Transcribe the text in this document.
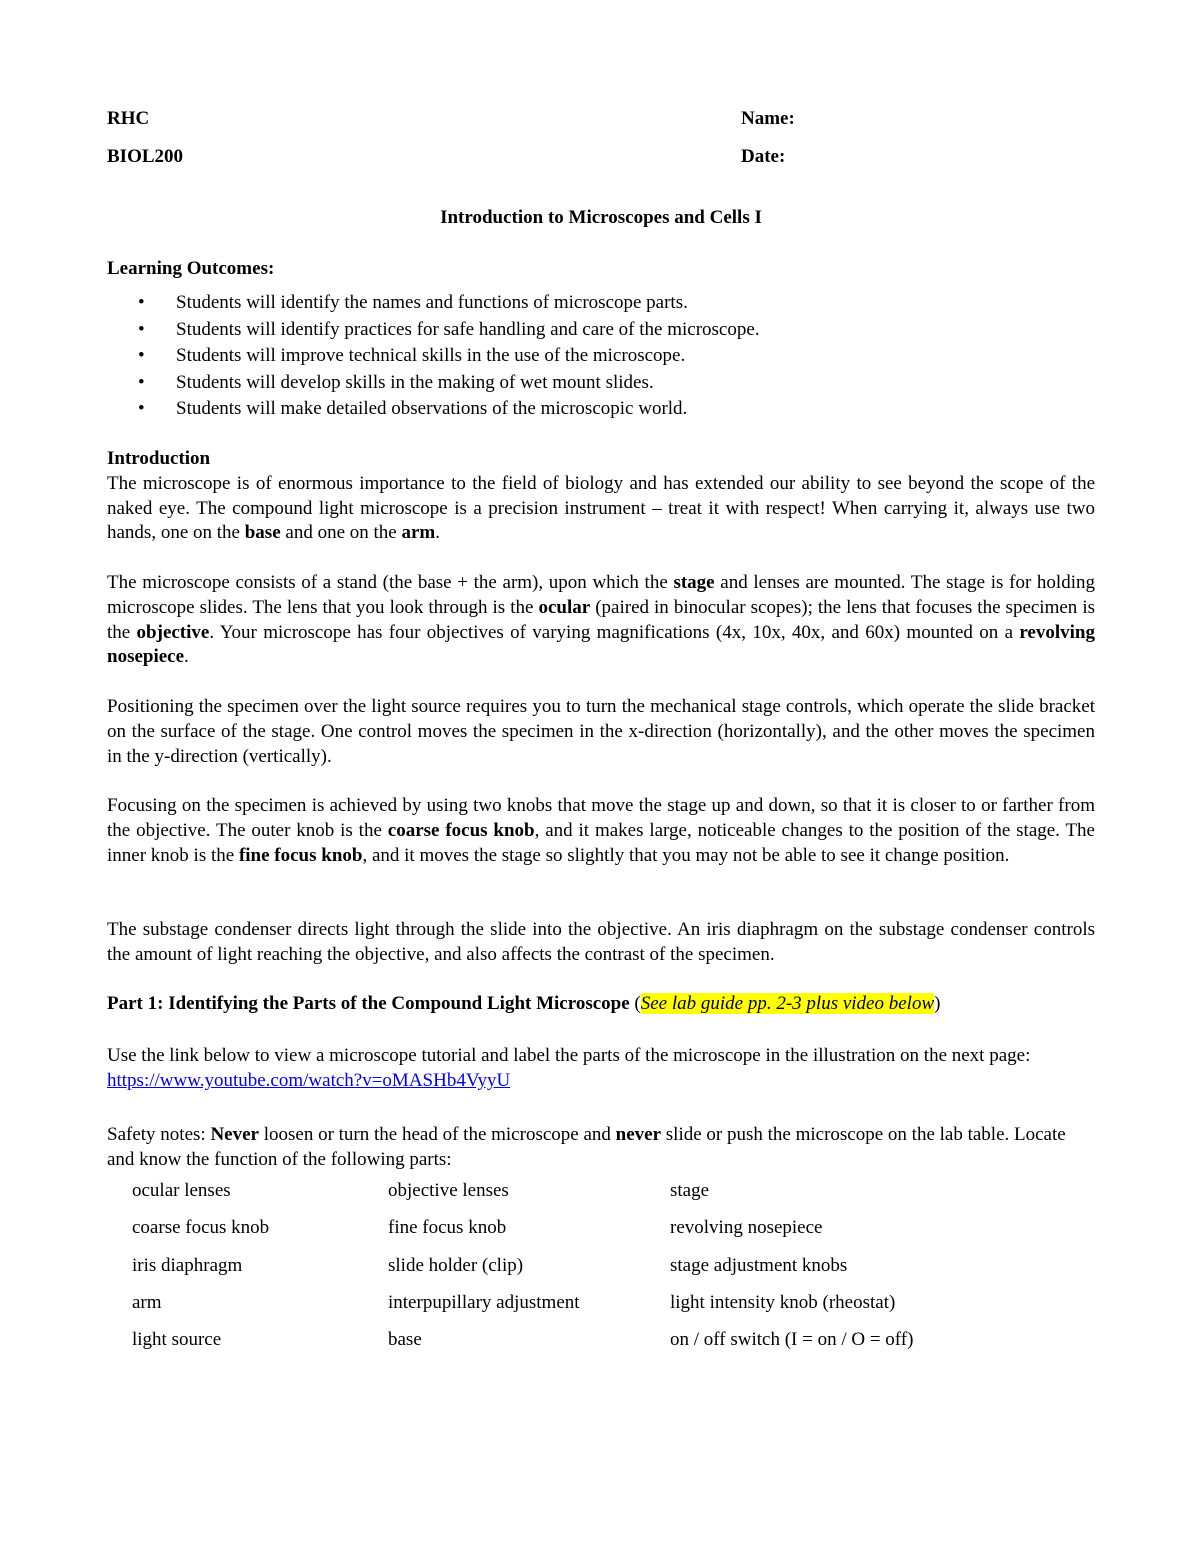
RHC	Name:
BIOL200	Date:
Introduction to Microscopes and Cells I
Learning Outcomes:
• Students will identify the names and functions of microscope parts.
• Students will identify practices for safe handling and care of the microscope.
• Students will improve technical skills in the use of the microscope.
• Students will develop skills in the making of wet mount slides.
• Students will make detailed observations of the microscopic world.

Introduction

The microscope is of enormous importance to the field of biology and has extended our ability to see beyond the scope of the naked eye. The compound light microscope is a precision instrument – treat it with respect! When carrying it, always use two hands, one on the base and one on the arm.

The microscope consists of a stand (the base + the arm), upon which the stage and lenses are mounted. The stage is for holding microscope slides. The lens that you look through is the ocular (paired in binocular scopes); the lens that focuses the specimen is the objective. Your microscope has four objectives of varying magnifications (4x, 10x, 40x, and 60x) mounted on a revolving nosepiece.

Positioning the specimen over the light source requires you to turn the mechanical stage controls, which operate the slide bracket on the surface of the stage. One control moves the specimen in the x-direction (horizontally), and the other moves the specimen in the y-direction (vertically).

Focusing on the specimen is achieved by using two knobs that move the stage up and down, so that it is closer to or farther from the objective. The outer knob is the coarse focus knob, and it makes large, noticeable changes to the position of the stage. The inner knob is the fine focus knob, and it moves the stage so slightly that you may not be able to see it change position.

The substage condenser directs light through the slide into the objective. An iris diaphragm on the substage condenser controls the amount of light reaching the objective, and also affects the contrast of the specimen.

Part 1: Identifying the Parts of the Compound Light Microscope (See lab guide pp. 2-3 plus video below)

Use the link below to view a microscope tutorial and label the parts of the microscope in the illustration on the next page:  https://www.youtube.com/watch?v=oMASHb4VyyU

Safety notes: Never loosen or turn the head of the microscope and never slide or push the microscope on the lab table. Locate and know the function of the following parts:

ocular lenses	objective lenses	stage
coarse focus knob	fine focus knob	revolving nosepiece
iris diaphragm	slide holder (clip)	stage adjustment knobs
arm	interpupillary adjustment	light intensity knob (rheostat)
light source	base	on / off switch (I = on / O = off)
